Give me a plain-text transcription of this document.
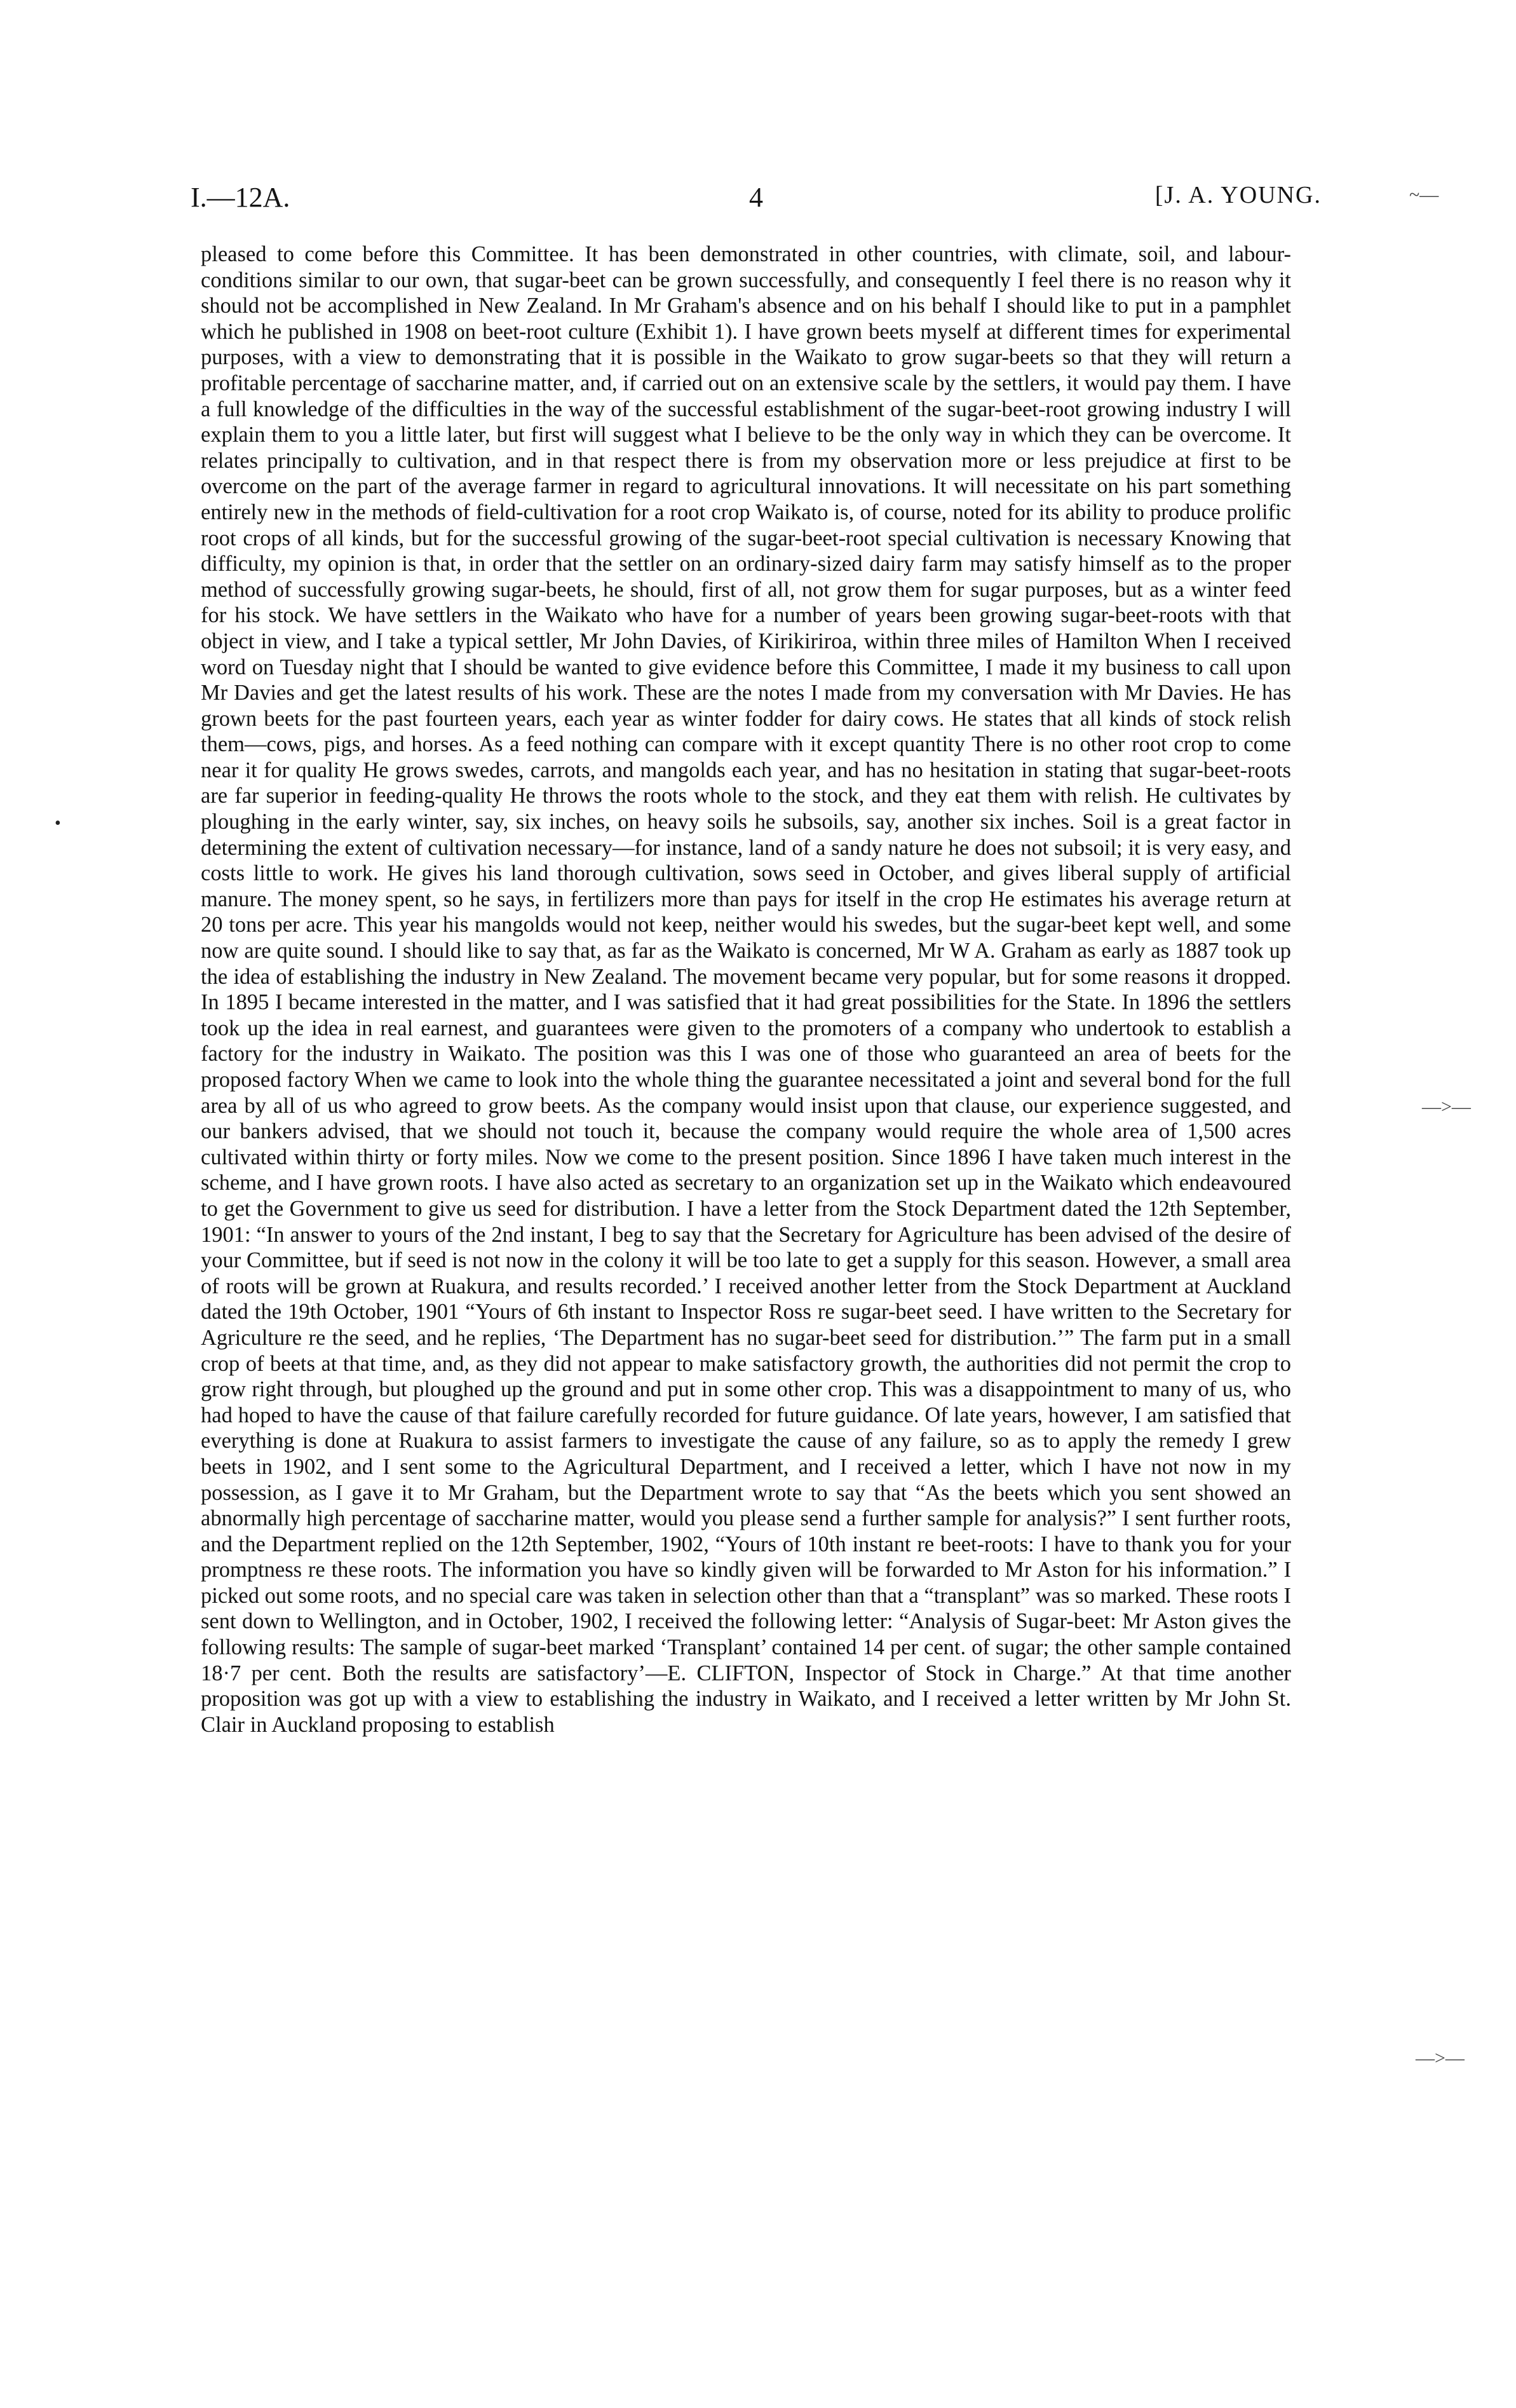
I.—12A.	4	[J. A. YOUNG.
pleased to come before this Committee. It has been demonstrated in other countries, with climate, soil, and labour-conditions similar to our own, that sugar-beet can be grown successfully, and consequently I feel there is no reason why it should not be accomplished in New Zealand. In Mr Graham's absence and on his behalf I should like to put in a pamphlet which he published in 1908 on beet-root culture (Exhibit 1). I have grown beets myself at different times for experimental purposes, with a view to demonstrating that it is possible in the Waikato to grow sugar-beets so that they will return a profitable percentage of saccharine matter, and, if carried out on an extensive scale by the settlers, it would pay them. I have a full knowledge of the difficulties in the way of the successful establishment of the sugar-beet-root growing industry I will explain them to you a little later, but first will suggest what I believe to be the only way in which they can be overcome. It relates principally to cultivation, and in that respect there is from my observation more or less prejudice at first to be overcome on the part of the average farmer in regard to agricultural innovations. It will necessitate on his part something entirely new in the methods of field-cultivation for a root crop Waikato is, of course, noted for its ability to produce prolific root crops of all kinds, but for the successful growing of the sugar-beet-root special cultivation is necessary Knowing that difficulty, my opinion is that, in order that the settler on an ordinary-sized dairy farm may satisfy himself as to the proper method of successfully growing sugar-beets, he should, first of all, not grow them for sugar purposes, but as a winter feed for his stock. We have settlers in the Waikato who have for a number of years been growing sugar-beet-roots with that object in view, and I take a typical settler, Mr John Davies, of Kirikiriroa, within three miles of Hamilton When I received word on Tuesday night that I should be wanted to give evidence before this Committee, I made it my business to call upon Mr Davies and get the latest results of his work. These are the notes I made from my conversation with Mr Davies. He has grown beets for the past fourteen years, each year as winter fodder for dairy cows. He states that all kinds of stock relish them—cows, pigs, and horses. As a feed nothing can compare with it except quantity There is no other root crop to come near it for quality He grows swedes, carrots, and mangolds each year, and has no hesitation in stating that sugar-beet-roots are far superior in feeding-quality He throws the roots whole to the stock, and they eat them with relish. He cultivates by ploughing in the early winter, say, six inches, on heavy soils he subsoils, say, another six inches. Soil is a great factor in determining the extent of cultivation necessary—for instance, land of a sandy nature he does not subsoil; it is very easy, and costs little to work. He gives his land thorough cultivation, sows seed in October, and gives liberal supply of artificial manure. The money spent, so he says, in fertilizers more than pays for itself in the crop He estimates his average return at 20 tons per acre. This year his mangolds would not keep, neither would his swedes, but the sugar-beet kept well, and some now are quite sound. I should like to say that, as far as the Waikato is concerned, Mr W A. Graham as early as 1887 took up the idea of establishing the industry in New Zealand. The movement became very popular, but for some reasons it dropped. In 1895 I became interested in the matter, and I was satisfied that it had great possibilities for the State. In 1896 the settlers took up the idea in real earnest, and guarantees were given to the promoters of a company who undertook to establish a factory for the industry in Waikato. The position was this I was one of those who guaranteed an area of beets for the proposed factory When we came to look into the whole thing the guarantee necessitated a joint and several bond for the full area by all of us who agreed to grow beets. As the company would insist upon that clause, our experience suggested, and our bankers advised, that we should not touch it, because the company would require the whole area of 1,500 acres cultivated within thirty or forty miles. Now we come to the present position. Since 1896 I have taken much interest in the scheme, and I have grown roots. I have also acted as secretary to an organization set up in the Waikato which endeavoured to get the Government to give us seed for distribution. I have a letter from the Stock Department dated the 12th September, 1901: “In answer to yours of the 2nd instant, I beg to say that the Secretary for Agriculture has been advised of the desire of your Committee, but if seed is not now in the colony it will be too late to get a supply for this season. However, a small area of roots will be grown at Ruakura, and results recorded.’ I received another letter from the Stock Department at Auckland dated the 19th October, 1901 “Yours of 6th instant to Inspector Ross re sugar-beet seed. I have written to the Secretary for Agriculture re the seed, and he replies, ‘The Department has no sugar-beet seed for distribution.’” The farm put in a small crop of beets at that time, and, as they did not appear to make satisfactory growth, the authorities did not permit the crop to grow right through, but ploughed up the ground and put in some other crop. This was a disappointment to many of us, who had hoped to have the cause of that failure carefully recorded for future guidance. Of late years, however, I am satisfied that everything is done at Ruakura to assist farmers to investigate the cause of any failure, so as to apply the remedy I grew beets in 1902, and I sent some to the Agricultural Department, and I received a letter, which I have not now in my possession, as I gave it to Mr Graham, but the Department wrote to say that “As the beets which you sent showed an abnormally high percentage of saccharine matter, would you please send a further sample for analysis?” I sent further roots, and the Department replied on the 12th September, 1902, “Yours of 10th instant re beet-roots: I have to thank you for your promptness re these roots. The information you have so kindly given will be forwarded to Mr Aston for his information.” I picked out some roots, and no special care was taken in selection other than that a “transplant” was so marked. These roots I sent down to Wellington, and in October, 1902, I received the following letter: “Analysis of Sugar-beet: Mr Aston gives the following results: The sample of sugar-beet marked ‘Transplant’ contained 14 per cent. of sugar; the other sample contained 18·7 per cent. Both the results are satisfactory’—E. CLIFTON, Inspector of Stock in Charge.” At that time another proposition was got up with a view to establishing the industry in Waikato, and I received a letter written by Mr John St. Clair in Auckland proposing to establish
~—
—>—
—>—
•
